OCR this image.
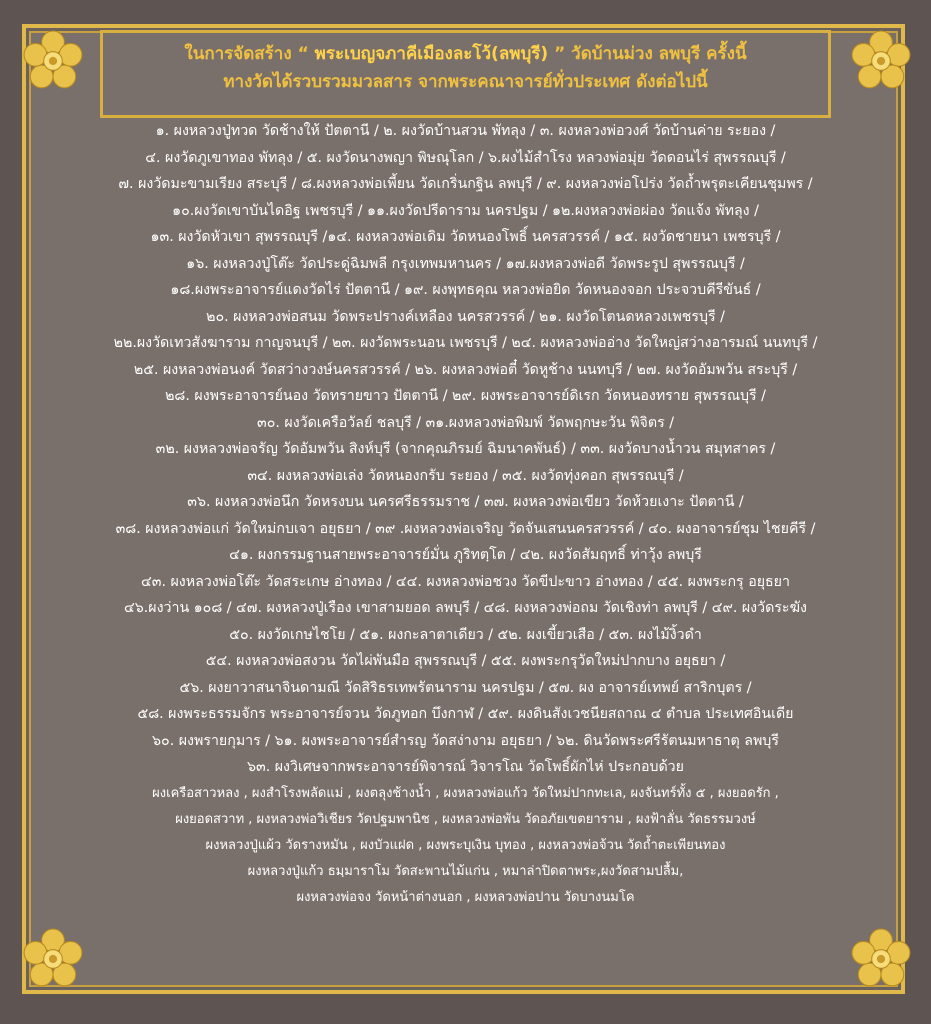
ในการจัดสร้าง “ พระเบญจภาคีเมืองละโว้(ลพบุรี) ” วัดบ้านม่วง ลพบุรี ครั้งนี้
ทางวัดได้รวบรวมมวลสาร จากพระคณาจารย์ทั่วประเทศ ดังต่อไปนี้
๑. ผงหลวงปู่ทวด วัดช้างให้ ปัตตานี / ๒. ผงวัดบ้านสวน พัทลุง / ๓. ผงหลวงพ่อวงศ์ วัดบ้านค่าย ระยอง /
๔. ผงวัดภูเขาทอง พัทลุง / ๕. ผงวัดนางพญา พิษณุโลก / ๖.ผงไม้สำโรง หลวงพ่อมุ่ย วัดดอนไร่ สุพรรณบุรี /
๗. ผงวัดมะขามเรียง สระบุรี / ๘.ผงหลวงพ่อเพี้ยน วัดเกริ่นกฐิน ลพบุรี / ๙. ผงหลวงพ่อโปร่ง วัดถ้ำพรุตะเคียนชุมพร /
๑๐.ผงวัดเขาบันไดอิฐ เพชรบุรี / ๑๑.ผงวัดปรีดาราม นครปฐม / ๑๒.ผงหลวงพ่อผ่อง วัดแจ้ง พัทลุง /
๑๓. ผงวัดหัวเขา สุพรรณบุรี /๑๔. ผงหลวงพ่อเดิม วัดหนองโพธิ์ นครสวรรค์ / ๑๕. ผงวัดชายนา เพชรบุรี /
๑๖. ผงหลวงปู่โต๊ะ วัดประดู่ฉิมพลี กรุงเทพมหานคร / ๑๗.ผงหลวงพ่อดี วัดพระรูป สุพรรณบุรี /
๑๘.ผงพระอาจารย์แดงวัดไร่ ปัตตานี / ๑๙. ผงพุทธคุณ หลวงพ่อยิด วัดหนองจอก ประจวบคีรีขันธ์ /
๒๐. ผงหลวงพ่อสนม วัดพระปรางค์เหลือง นครสวรรค์ / ๒๑. ผงวัดโตนดหลวงเพชรบุรี /
๒๒.ผงวัดเทวสังฆาราม กาญจนบุรี / ๒๓. ผงวัดพระนอน เพชรบุรี / ๒๔. ผงหลวงพ่ออ่าง วัดใหญ่สว่างอารมณ์ นนทบุรี /
๒๕. ผงหลวงพ่อนงค์ วัดสว่างวงษ์นครสวรรค์ / ๒๖. ผงหลวงพ่อตี๋ วัดหูช้าง นนทบุรี / ๒๗. ผงวัดอัมพวัน สระบุรี /
๒๘. ผงพระอาจารย์นอง วัดทรายขาว ปัตตานี / ๒๙. ผงพระอาจารย์ดิเรก วัดหนองทราย สุพรรณบุรี /
๓๐. ผงวัดเครือวัลย์ ชลบุรี / ๓๑.ผงหลวงพ่อพิมพ์ วัดพฤกษะวัน พิจิตร /
๓๒. ผงหลวงพ่อจรัญ วัดอัมพวัน สิงห์บุรี (จากคุณภิรมย์ ฉิมนาคพันธ์) / ๓๓. ผงวัดบางน้ำวน สมุทสาคร /
๓๔. ผงหลวงพ่อเล่ง วัดหนองกรับ ระยอง / ๓๕. ผงวัดทุ่งคอก สุพรรณบุรี /
๓๖. ผงหลวงพ่อนึก วัดหรงบน นครศรีธรรมราช / ๓๗. ผงหลวงพ่อเขียว วัดห้วยเงาะ ปัตตานี /
๓๘. ผงหลวงพ่อแก่ วัดใหม่กบเจา อยุธยา / ๓๙ .ผงหลวงพ่อเจริญ วัดจันเสนนครสวรรค์ / ๔๐. ผงอาจารย์ชุม ไชยคีรี /
๔๑. ผงกรรมฐานสายพระอาจารย์มั่น ภูริทตฺโต / ๔๒. ผงวัดสัมฤทธิ์ ท่าวุ้ง ลพบุรี
๔๓. ผงหลวงพ่อโต๊ะ วัดสระเกษ อ่างทอง / ๔๔. ผงหลวงพ่อชวง วัดขีปะขาว อ่างทอง / ๔๕. ผงพระกรุ อยุธยา
๔๖.ผงว่าน ๑๐๘ / ๔๗. ผงหลวงปู่เรือง เขาสามยอด ลพบุรี / ๔๘. ผงหลวงพ่อถม วัดเชิงท่า ลพบุรี / ๔๙. ผงวัดระฆัง
๕๐. ผงวัดเกษไชโย / ๕๑. ผงกะลาตาเดียว / ๕๒. ผงเขี้ยวเสือ / ๕๓. ผงไม้งิ้วดำ
๕๔. ผงหลวงพ่อสงวน วัดไผ่พันมือ สุพรรณบุรี / ๕๕. ผงพระกรุวัดใหม่ปากบาง อยุธยา /
๕๖. ผงยาวาสนาจินดามณี วัดสิริธรเทพรัตนาราม นครปฐม / ๕๗. ผง อาจารย์เทพย์ สาริกบุตร /
๕๘. ผงพระธรรมจักร พระอาจารย์จวน วัดภูทอก บึงกาฬ / ๕๙. ผงดินสังเวชนียสถาณ ๔ ตำบล ประเทศอินเดีย
๖๐. ผงพรายกุมาร / ๖๑. ผงพระอาจารย์สำรญ วัดสง่างาม อยุธยา / ๖๒. ดินวัดพระศรีรัตนมหาธาตุ ลพบุรี
๖๓. ผงวิเศษจากพระอาจารย์พิจารณ์ วิจารโณ วัดโพธิ์ผักไห่ ประกอบด้วย
ผงเครือสาวหลง , ผงสำโรงพลัดแม่ , ผงตลุงช้างน้ำ , ผงหลวงพ่อแก้ว วัดใหม่ปากทะเล, ผงจันทร์ทั้ง ๕ , ผงยอดรัก ,
ผงยอดสวาท , ผงหลวงพ่อวิเชียร วัดปฐมพานิช , ผงหลวงพ่อพัน วัดอภัยเขตยาราม , ผงฟ้าลั่น วัดธรรมวงษ์
ผงหลวงปู่แผ้ว วัดรางหมัน , ผงบัวแฝด , ผงพระบุเงิน บุทอง , ผงหลวงพ่อจ้วน วัดถ้ำตะเพียนทอง
ผงหลวงปู่แก้ว ธมฺมาราโม วัดสะพานไม้แก่น , หมาล่าปิดตาพระ,ผงวัดสามปลื้ม,
ผงหลวงพ่อจง วัดหน้าต่างนอก , ผงหลวงพ่อปาน วัดบางนมโค
